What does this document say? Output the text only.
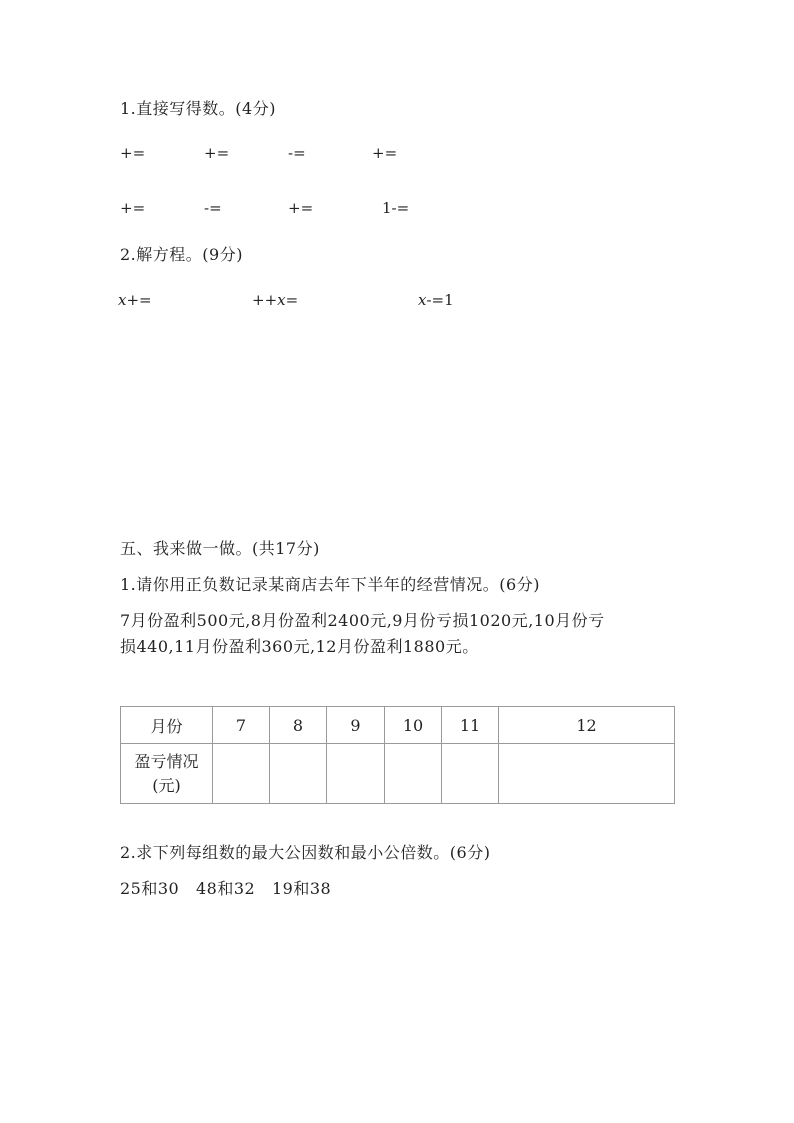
1.直接写得数。(4分)
+=	+=	-=	+=
+=	-=	+=	1-=
2.解方程。(9分)
x+=	++x=	x-=1
五、我来做一做。(共17分)
1.请你用正负数记录某商店去年下半年的经营情况。(6分)
7月份盈利500元,8月份盈利2400元,9月份亏损1020元,10月份亏
损440,11月份盈利360元,12月份盈利1880元。
月份	7	8	9	10	11	12

盈亏情况
(元)						

2.求下列每组数的最大公因数和最小公倍数。(6分)
25和30   48和32   19和38
